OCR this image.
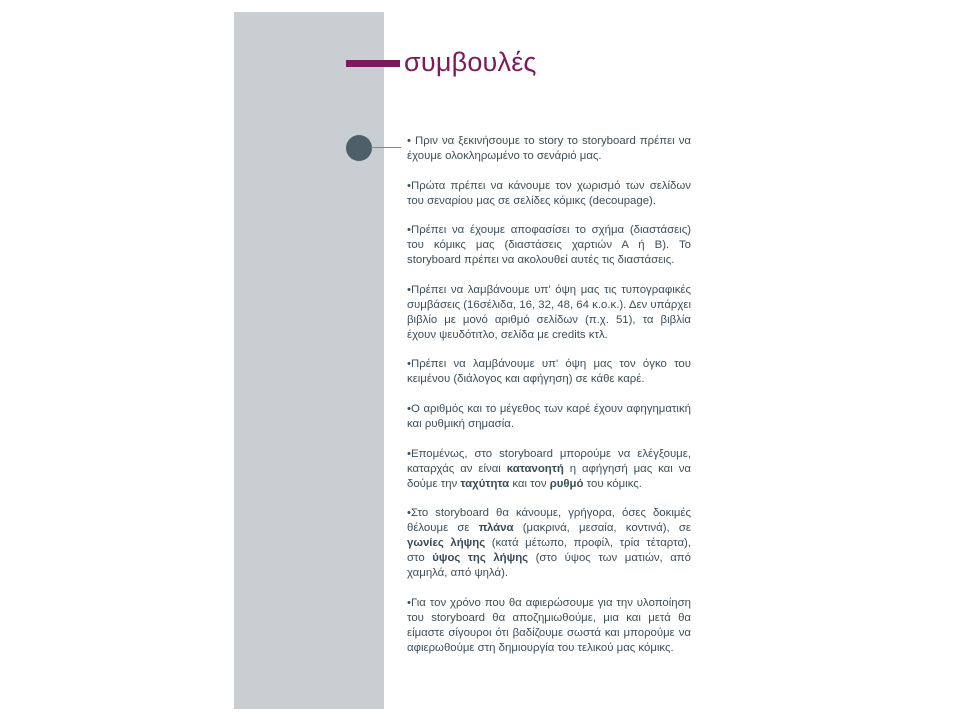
συμβουλές

• Πριν να ξεκινήσουμε το story το storyboard πρέπει να έχουμε ολοκληρωμένο το σενάριό μας.

•Πρώτα πρέπει να κάνουμε τον χωρισμό των σελίδων του σεναρίου μας σε σελίδες κόμικς (decoupage).

•Πρέπει να έχουμε αποφασίσει το σχήμα (διαστάσεις) του κόμικς μας (διαστάσεις χαρτιών Α ή Β). Το storyboard πρέπει να ακολουθεί αυτές τις διαστάσεις.

•Πρέπει να λαμβάνουμε υπ' όψη μας τις τυπογραφικές συμβάσεις (16σέλιδα, 16, 32, 48, 64 κ.ο.κ.). Δεν υπάρχει βιβλίο με μονό αριθμό σελίδων (π.χ. 51), τα βιβλία έχουν ψευδότιτλο, σελίδα με credits κτλ.

•Πρέπει να λαμβάνουμε υπ' όψη μας τον όγκο του κειμένου (διάλογος και αφήγηση) σε κάθε καρέ.

•Ο αριθμός και το μέγεθος των καρέ έχουν αφηγηματική και ρυθμική σημασία.

•Επομένως, στο storyboard μπορούμε να ελέγξουμε, καταρχάς αν είναι κατανοητή η αφήγησή μας και να δούμε την ταχύτητα και τον ρυθμό του κόμικς.

•Στο storyboard θα κάνουμε, γρήγορα, όσες δοκιμές θέλουμε σε πλάνα (μακρινά, μεσαία, κοντινά), σε γωνίες λήψης (κατά μέτωπο, προφίλ, τρία τέταρτα), στο ύψος της λήψης (στο ύψος των ματιών, από χαμηλά, από ψηλά).

•Για τον χρόνο που θα αφιερώσουμε για την υλοποίηση του storyboard θα αποζημιωθούμε, μια και μετά θα είμαστε σίγουροι ότι βαδίζουμε σωστά και μπορούμε να αφιερωθούμε στη δημιουργία του τελικού μας κόμικς.
